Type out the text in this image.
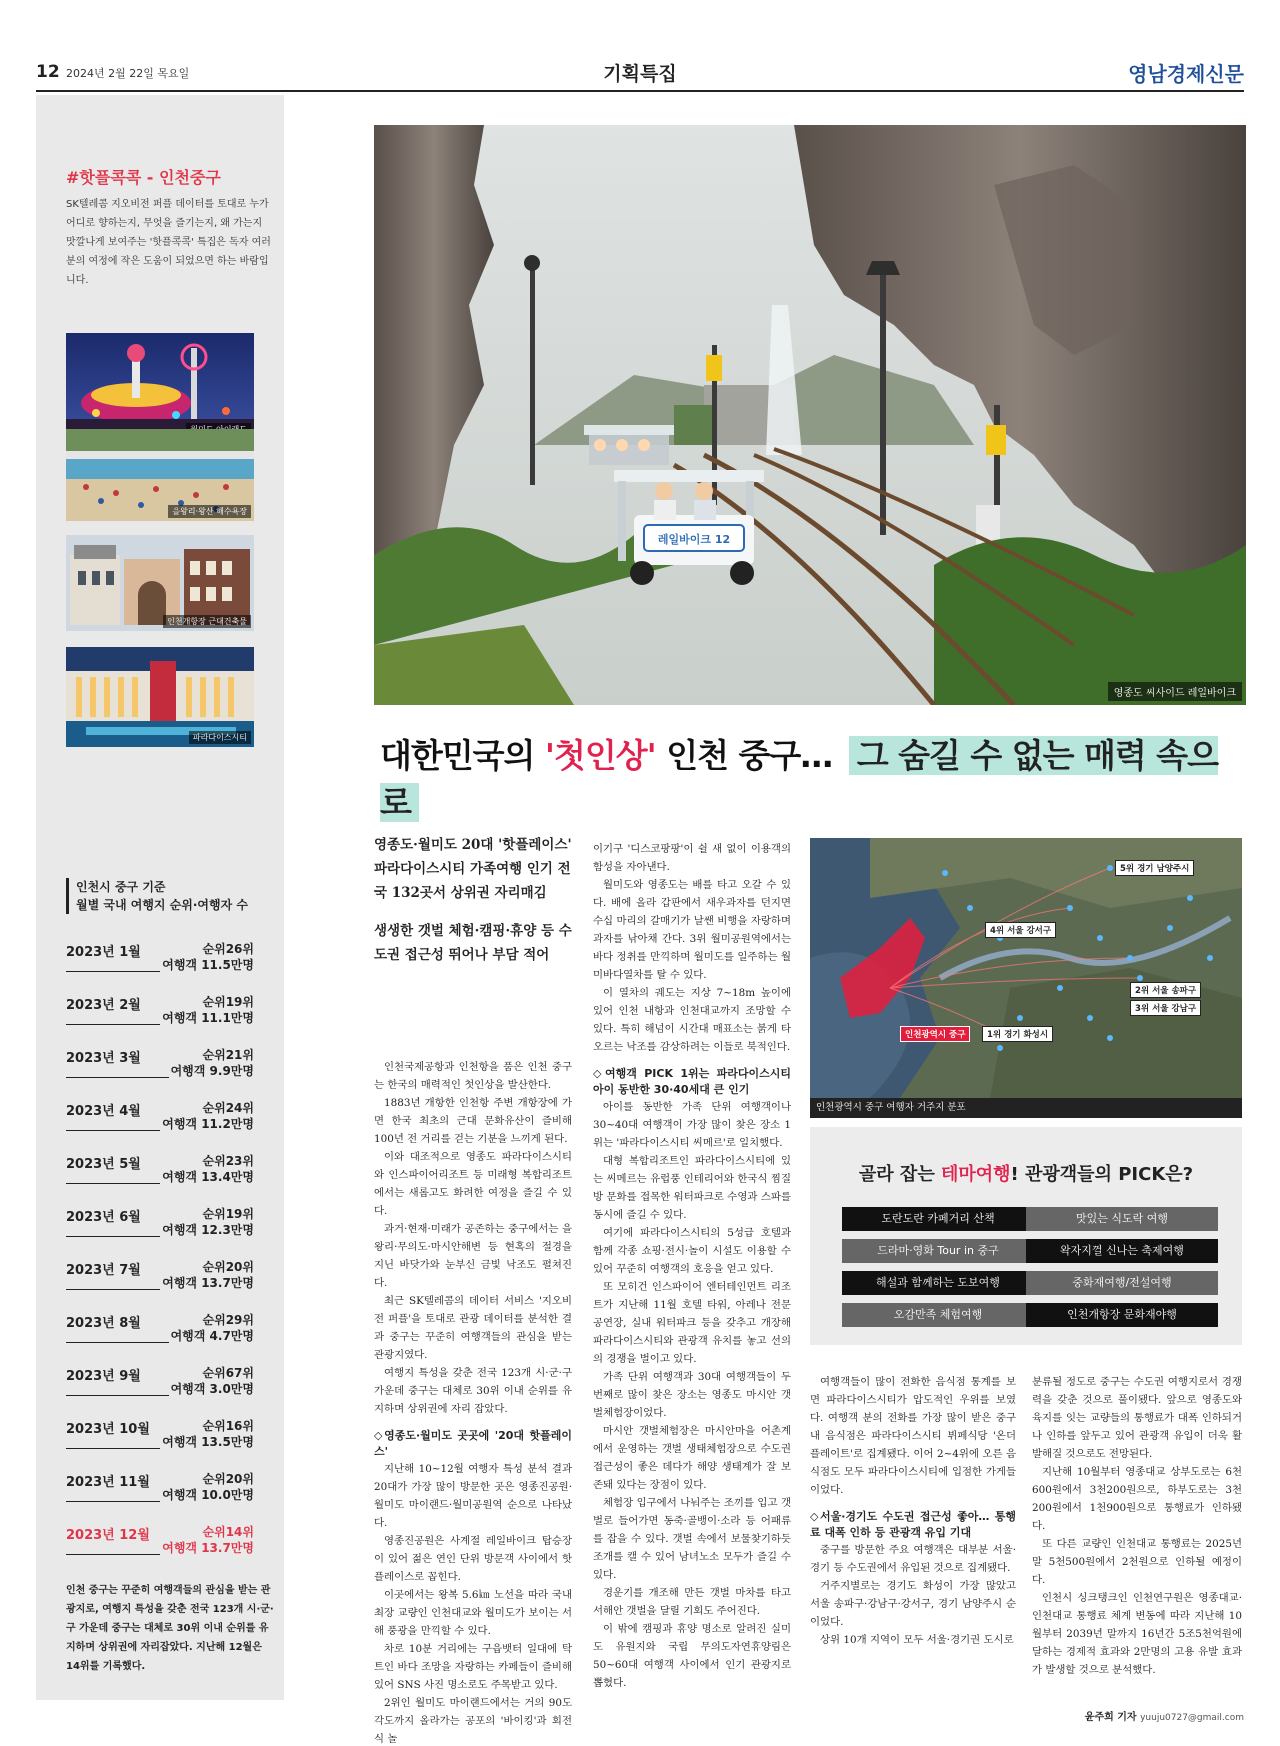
12 2024년 2월 22일 목요일	기획특집	영남경제신문
#핫플콕콕 - 인천중구
SK텔레콤 지오비전 퍼플 데이터를 토대로 누가 어디로 향하는지, 무엇을 즐기는지, 왜 가는지 맛깔나게 보여주는 '핫플콕콕' 특집은 독자 여러분의 여정에 작은 도움이 되었으면 하는 바람입니다.
을왕리·왕산 해수욕장
인천개항장 근대건축물
파라다이스시티
인천시 중구 기준
월별 국내 여행지 순위·여행자 수
2023년 1월	순위26위
여행객 11.5만명
2023년 2월	순위19위
여행객 11.1만명
2023년 3월	순위21위
여행객 9.9만명
2023년 4월	순위24위
여행객 11.2만명
2023년 5월	순위23위
여행객 13.4만명
2023년 6월	순위19위
여행객 12.3만명
2023년 7월	순위20위
여행객 13.7만명
2023년 8월	순위29위
여행객 4.7만명
2023년 9월	순위67위
여행객 3.0만명
2023년 10월	순위16위
여행객 13.5만명
2023년 11월	순위20위
여행객 10.0만명
2023년 12월	순위14위
여행객 13.7만명
인천 중구는 꾸준히 여행객들의 관심을 받는 관광지로, 여행지 특성을 갖춘 전국 123개 시·군·구 가운데 중구는 대체로 30위 이내 순위를 유지하며 상위권에 자리잡았다. 지난해 12월은 14위를 기록했다.
레일바이크 12
영종도 씨사이드 레일바이크
대한민국의 '첫인상' 인천 중구… 그 숨길 수 없는 매력 속으로
영종도·월미도 20대 '핫플레이스' 파라다이스시티 가족여행 인기 전국 132곳서 상위권 자리매김
생생한 갯벌 체험·캠핑·휴양 등 수도권 접근성 뛰어나 부담 적어

인천국제공항과 인천항을 품은 인천 중구는 한국의 매력적인 첫인상을 발산한다.

1883년 개항한 인천항 주변 개항장에 가면 한국 최초의 근대 문화유산이 즐비해 100년 전 거리를 걷는 기분을 느끼게 된다.

이와 대조적으로 영종도 파라다이스시티와 인스파이어리조트 등 미래형 복합리조트에서는 새롭고도 화려한 여정을 즐길 수 있다.

과거·현재·미래가 공존하는 중구에서는 을왕리·무의도·마시안해변 등 현혹의 절경을 지닌 바닷가와 눈부신 금빛 낙조도 펼쳐진다.

최근 SK텔레콤의 데이터 서비스 '지오비전 퍼플'을 토대로 관광 데이터를 분석한 결과 중구는 꾸준히 여행객들의 관심을 받는 관광지였다.

여행지 특성을 갖춘 전국 123개 시·군·구 가운데 중구는 대체로 30위 이내 순위를 유지하며 상위권에 자리 잡았다.

◇영종도·월미도 곳곳에 '20대 핫플레이스'

지난해 10~12월 여행자 특성 분석 결과 20대가 가장 많이 방문한 곳은 영종진공원·월미도 마이랜드·월미공원역 순으로 나타났다.

영종진공원은 사계절 레일바이크 탑승장이 있어 젊은 연인 단위 방문객 사이에서 핫플레이스로 꼽힌다.

이곳에서는 왕복 5.6㎞ 노선을 따라 국내 최장 교량인 인천대교와 월미도가 보이는 서해 풍광을 만끽할 수 있다.

차로 10분 거리에는 구읍뱃터 일대에 탁 트인 바다 조망을 자랑하는 카페들이 즐비해 있어 SNS 사진 명소로도 주목받고 있다.

2위인 월미도 마이랜드에서는 거의 90도 각도까지 올라가는 공포의 '바이킹'과 회전식 놀

이기구 '디스코팡팡'이 쉴 새 없이 이용객의 함성을 자아낸다.

월미도와 영종도는 배를 타고 오갈 수 있다. 배에 올라 갑판에서 새우과자를 던지면 수십 마리의 갈매기가 날쌘 비행을 자랑하며 과자를 낚아채 간다. 3위 월미공원역에서는 바다 정취를 만끽하며 월미도를 일주하는 월미바다열차를 탈 수 있다.

이 열차의 궤도는 지상 7~18m 높이에 있어 인천 내항과 인천대교까지 조망할 수 있다. 특히 해넘이 시간대 매표소는 붉게 타오르는 낙조를 감상하려는 이들로 북적인다.

◇여행객 PICK 1위는 파라다이스시티 아이 동반한 30·40세대 큰 인기

아이를 동반한 가족 단위 여행객이나 30~40대 여행객이 가장 많이 찾은 장소 1위는 '파라다이스시티 씨메르'로 일치했다.

대형 복합리조트인 파라다이스시티에 있는 씨메르는 유럽풍 인테리어와 한국식 찜질방 문화를 접목한 워터파크로 수영과 스파를 동시에 즐길 수 있다.

여기에 파라다이스시티의 5성급 호텔과 함께 각종 쇼핑·전시·놀이 시설도 이용할 수 있어 꾸준히 여행객의 호응을 얻고 있다.

또 모히건 인스파이어 엔터테인먼트 리조트가 지난해 11월 호텔 타워, 아레나 전문 공연장, 실내 워터파크 등을 갖추고 개장해 파라다이스시티와 관광객 유치를 놓고 선의의 경쟁을 벌이고 있다.

가족 단위 여행객과 30대 여행객들이 두 번째로 많이 찾은 장소는 영종도 마시안 갯벌체험장이었다.

마시안 갯벌체험장은 마시안마을 어촌계에서 운영하는 갯벌 생태체험장으로 수도권 접근성이 좋은 데다가 해양 생태계가 잘 보존돼 있다는 장점이 있다.

체험장 입구에서 나눠주는 조끼를 입고 갯벌로 들어가면 동죽·골뱅이·소라 등 어패류를 잡을 수 있다. 갯벌 속에서 보물찾기하듯 조개를 캘 수 있어 남녀노소 모두가 즐길 수 있다.

경운기를 개조해 만든 갯벌 마차를 타고 서해안 갯벌을 달릴 기회도 주어진다.

이 밖에 캠핑과 휴양 명소로 알려진 실미도 유원지와 국립 무의도자연휴양림은 50~60대 여행객 사이에서 인기 관광지로 뽑혔다.

5위 경기 남양주시
4위 서울 강서구
2위 서울 송파구
3위 서울 강남구
1위 경기 화성시
인천광역시 중구
인천광역시 중구 여행자 거주지 분포
골라 잡는 테마여행! 관광객들의 PICK은?
도란도란 카페거리 산책	맛있는 식도락 여행
드라마·영화 Tour in 중구	왁자지껄 신나는 축제여행
해설과 함께하는 도보여행	중화재여행/전설여행
오감만족 체험여행	인천개항장 문화재야행

여행객들이 많이 전화한 음식점 통계를 보면 파라다이스시티가 압도적인 우위를 보였다. 여행객 분의 전화를 가장 많이 받은 중구 내 음식점은 파라다이스시티 뷔페식당 '온더플레이트'로 집계됐다. 이어 2~4위에 오른 음식점도 모두 파라다이스시티에 입점한 가게들이었다.

◇서울·경기도 수도권 접근성 좋아… 통행료 대폭 인하 등 관광객 유입 기대

중구를 방문한 주요 여행객은 대부분 서울·경기 등 수도권에서 유입된 것으로 집계됐다.

거주지별로는 경기도 화성이 가장 많았고 서울 송파구·강남구·강서구, 경기 남양주시 순이었다.

상위 10개 지역이 모두 서울·경기권 도시로

분류될 정도로 중구는 수도권 여행지로서 경쟁력을 갖춘 것으로 풀이됐다. 앞으로 영종도와 육지를 잇는 교량들의 통행료가 대폭 인하되거나 인하를 앞두고 있어 관광객 유입이 더욱 활발해질 것으로도 전망된다.

지난해 10월부터 영종대교 상부도로는 6천600원에서 3천200원으로, 하부도로는 3천200원에서 1천900원으로 통행료가 인하됐다.

또 다른 교량인 인천대교 통행료는 2025년 말 5천500원에서 2천원으로 인하될 예정이다.

인천시 싱크탱크인 인천연구원은 영종대교·인천대교 통행료 체계 변동에 따라 지난해 10월부터 2039년 말까지 16년간 5조5천억원에 달하는 경제적 효과와 2만명의 고용 유발 효과가 발생할 것으로 분석했다.

윤주희 기자 yuuju0727@gmail.com
